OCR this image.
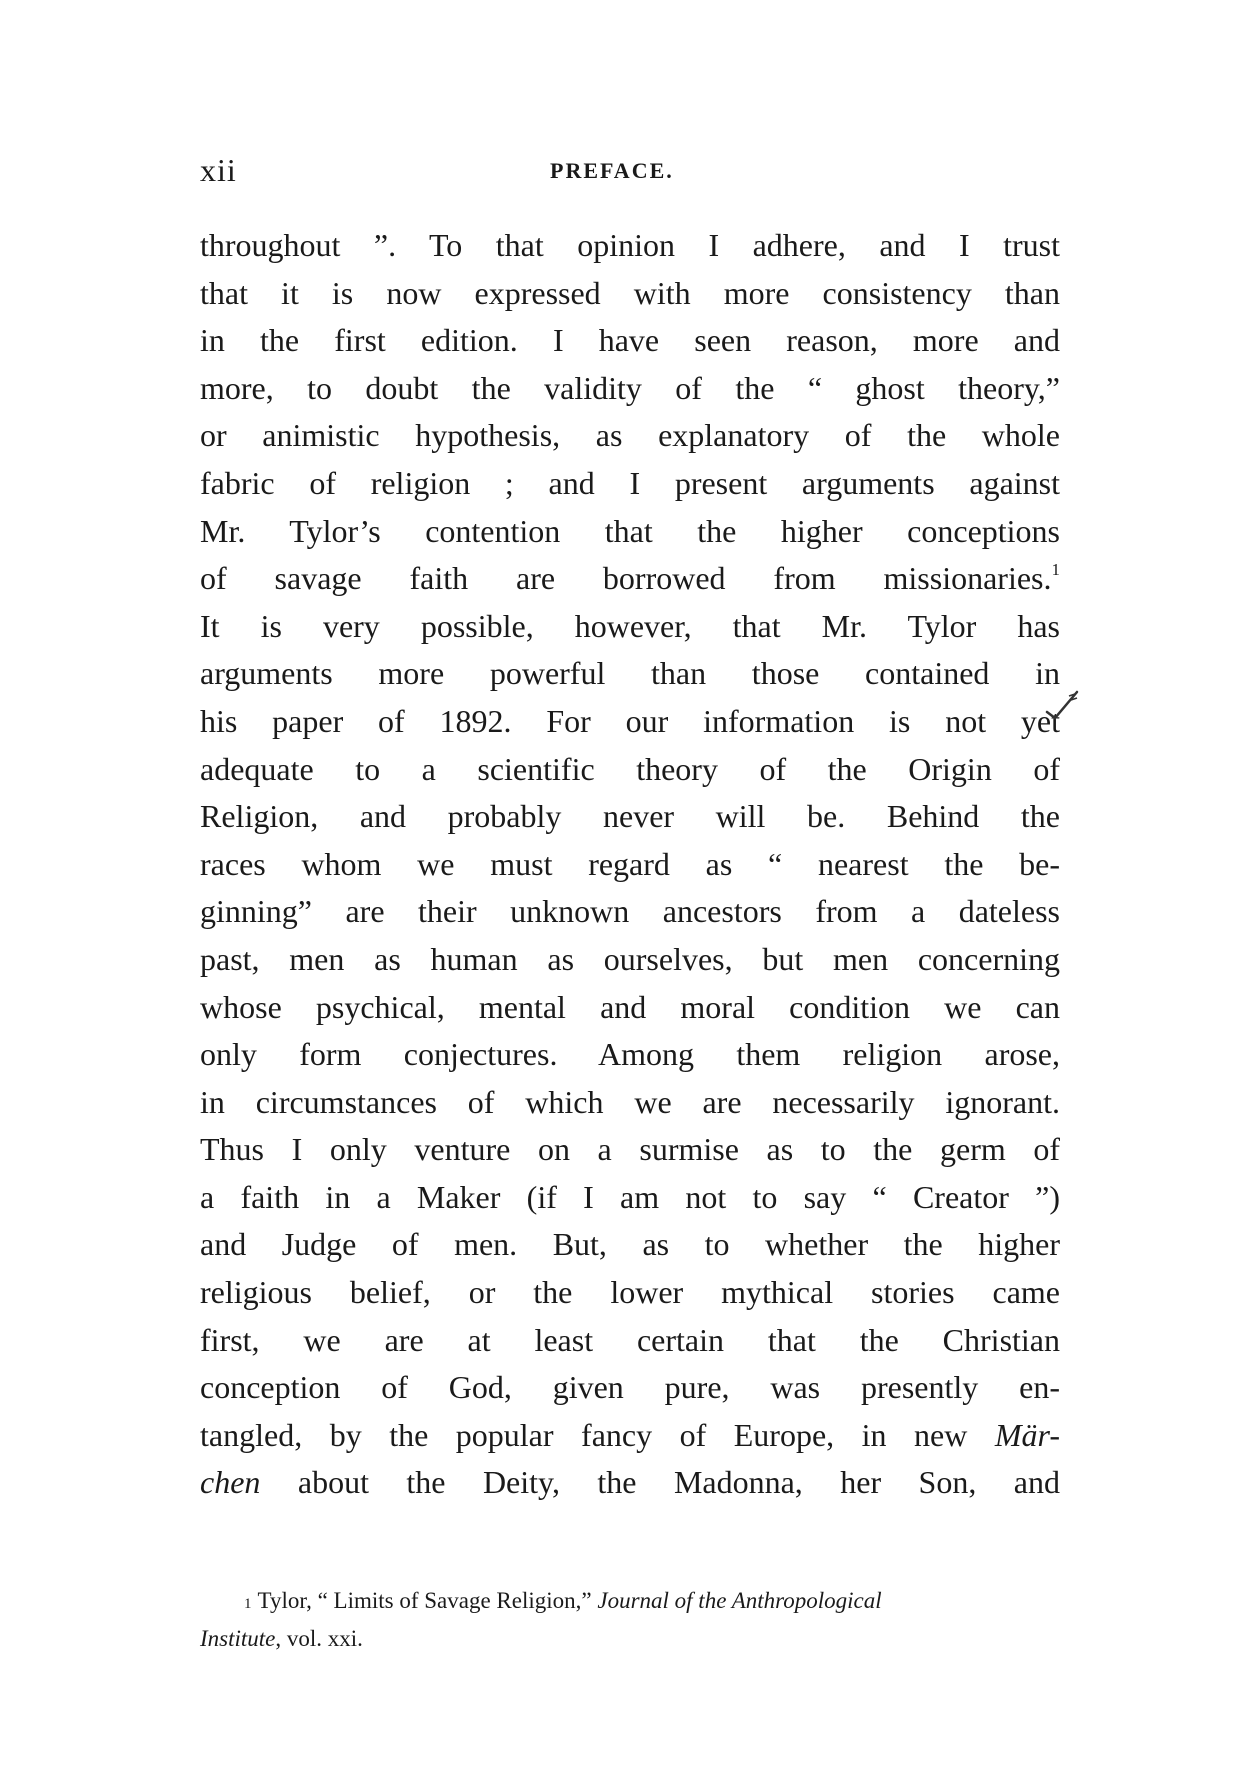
xii	PREFACE.
throughout ”. To that opinion I adhere, and I trust
that it is now expressed with more consistency than
in the first edition. I have seen reason, more and
more, to doubt the validity of the “ ghost theory,”
or animistic hypothesis, as explanatory of the whole
fabric of religion ; and I present arguments against
Mr. Tylor’s contention that the higher conceptions
of savage faith are borrowed from missionaries.$^1$
It is very possible, however, that Mr. Tylor has
arguments more powerful than those contained in
his paper of 1892. For our information is not yet
adequate to a scientific theory of the Origin of
Religion, and probably never will be. Behind the
races whom we must regard as “ nearest the be-
ginning” are their unknown ancestors from a dateless
past, men as human as ourselves, but men concerning
whose psychical, mental and moral condition we can
only form conjectures. Among them religion arose,
in circumstances of which we are necessarily ignorant.
Thus I only venture on a surmise as to the germ of
a faith in a Maker (if I am not to say “ Creator ”)
and Judge of men. But, as to whether the higher
religious belief, or the lower mythical stories came
first, we are at least certain that the Christian
conception of God, given pure, was presently en-
tangled, by the popular fancy of Europe, in new Mär-
chen about the Deity, the Madonna, her Son, and
$^1$ Tylor, “ Limits of Savage Religion,” Journal of the Anthropological
Institute, vol. xxi.
